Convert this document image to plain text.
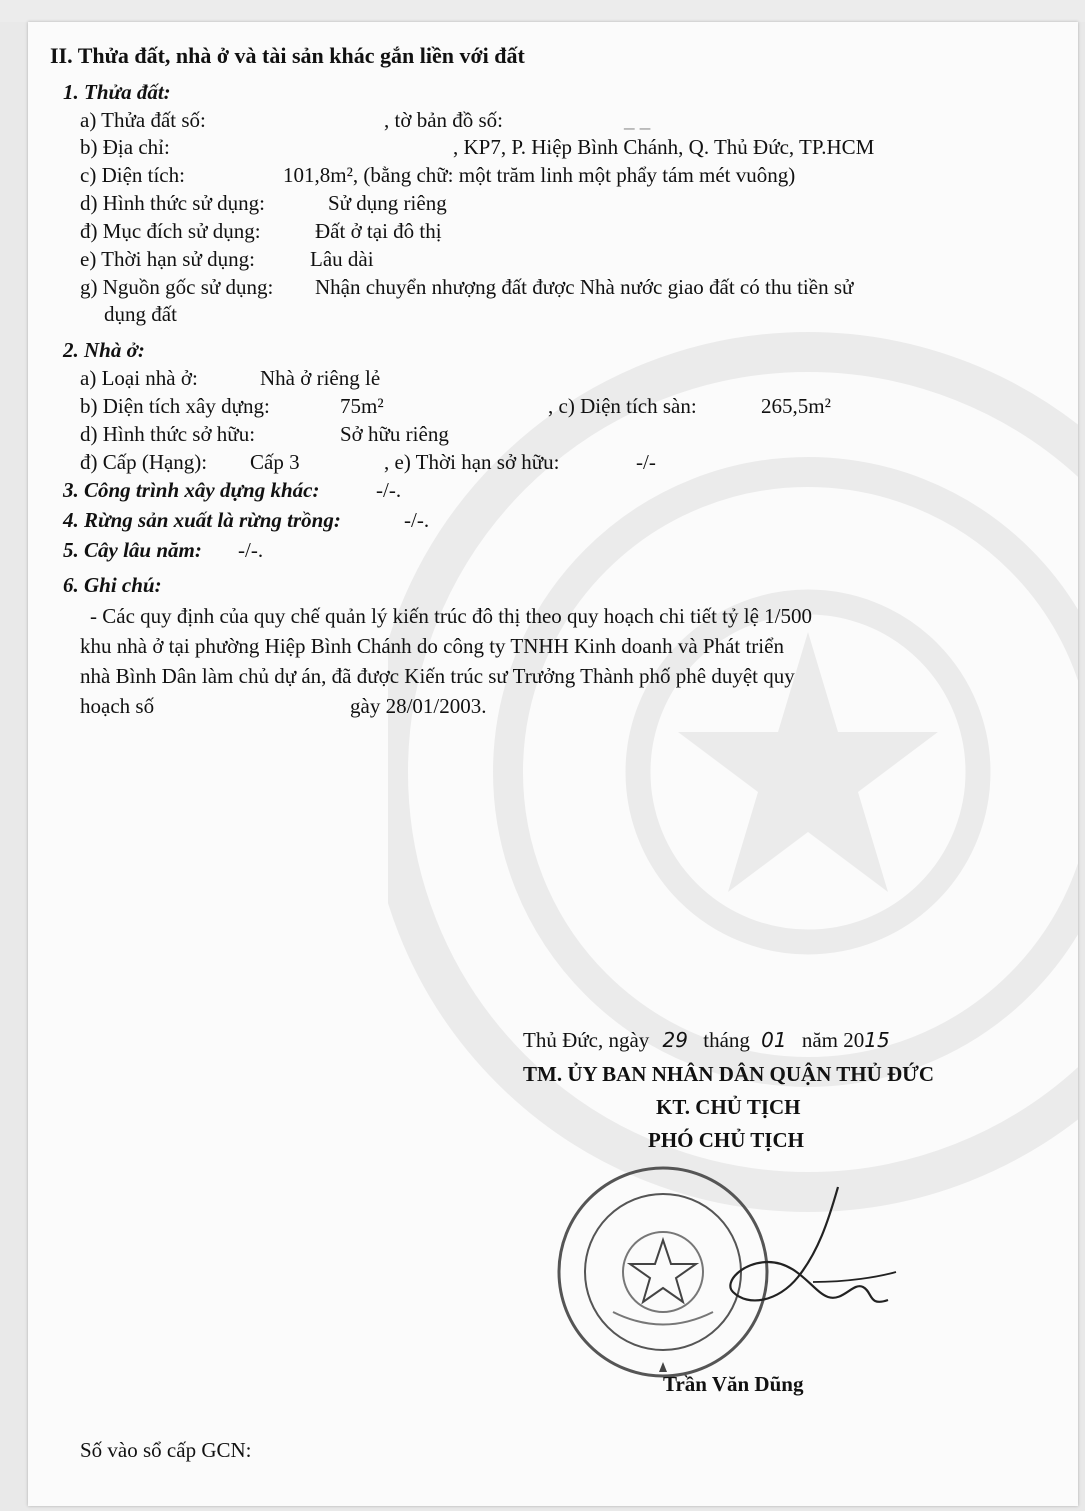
II. Thửa đất, nhà ở và tài sản khác gắn liền với đất
1. Thửa đất:
a) Thửa đất số:	, tờ bản đồ số:	_ _
b) Địa chỉ:	, KP7, P. Hiệp Bình Chánh, Q. Thủ Đức, TP.HCM
c) Diện tích:	101,8m², (bằng chữ: một trăm linh một phẩy tám mét vuông)
d) Hình thức sử dụng:	Sử dụng riêng
đ) Mục đích sử dụng:	Đất ở tại đô thị
e) Thời hạn sử dụng:	Lâu dài
g) Nguồn gốc sử dụng: Nhận chuyển nhượng đất được Nhà nước giao đất có thu tiền sử
dụng đất
2. Nhà ở:
a) Loại nhà ở:	Nhà ở riêng lẻ
b) Diện tích xây dựng:	75m²	, c) Diện tích sàn:	265,5m²
d) Hình thức sở hữu:	Sở hữu riêng
đ) Cấp (Hạng): Cấp 3	, e) Thời hạn sở hữu:	-/-
3. Công trình xây dựng khác:	-/-.
4. Rừng sản xuất là rừng trồng:	-/-.
5. Cây lâu năm: -/-.
6. Ghi chú:
- Các quy định của quy chế quản lý kiến trúc đô thị theo quy hoạch chi tiết tỷ lệ 1/500
khu nhà ở tại phường Hiệp Bình Chánh do công ty TNHH Kinh doanh và Phát triển
nhà Bình Dân làm chủ dự án, đã được Kiến trúc sư Trưởng Thành phố phê duyệt quy
hoạch số	gày 28/01/2003.
Thủ Đức, ngày 29 tháng 01 năm 2015
TM. ỦY BAN NHÂN DÂN QUẬN THỦ ĐỨC
KT. CHỦ TỊCH
PHÓ CHỦ TỊCH
Trần Văn Dũng
Số vào sổ cấp GCN:
